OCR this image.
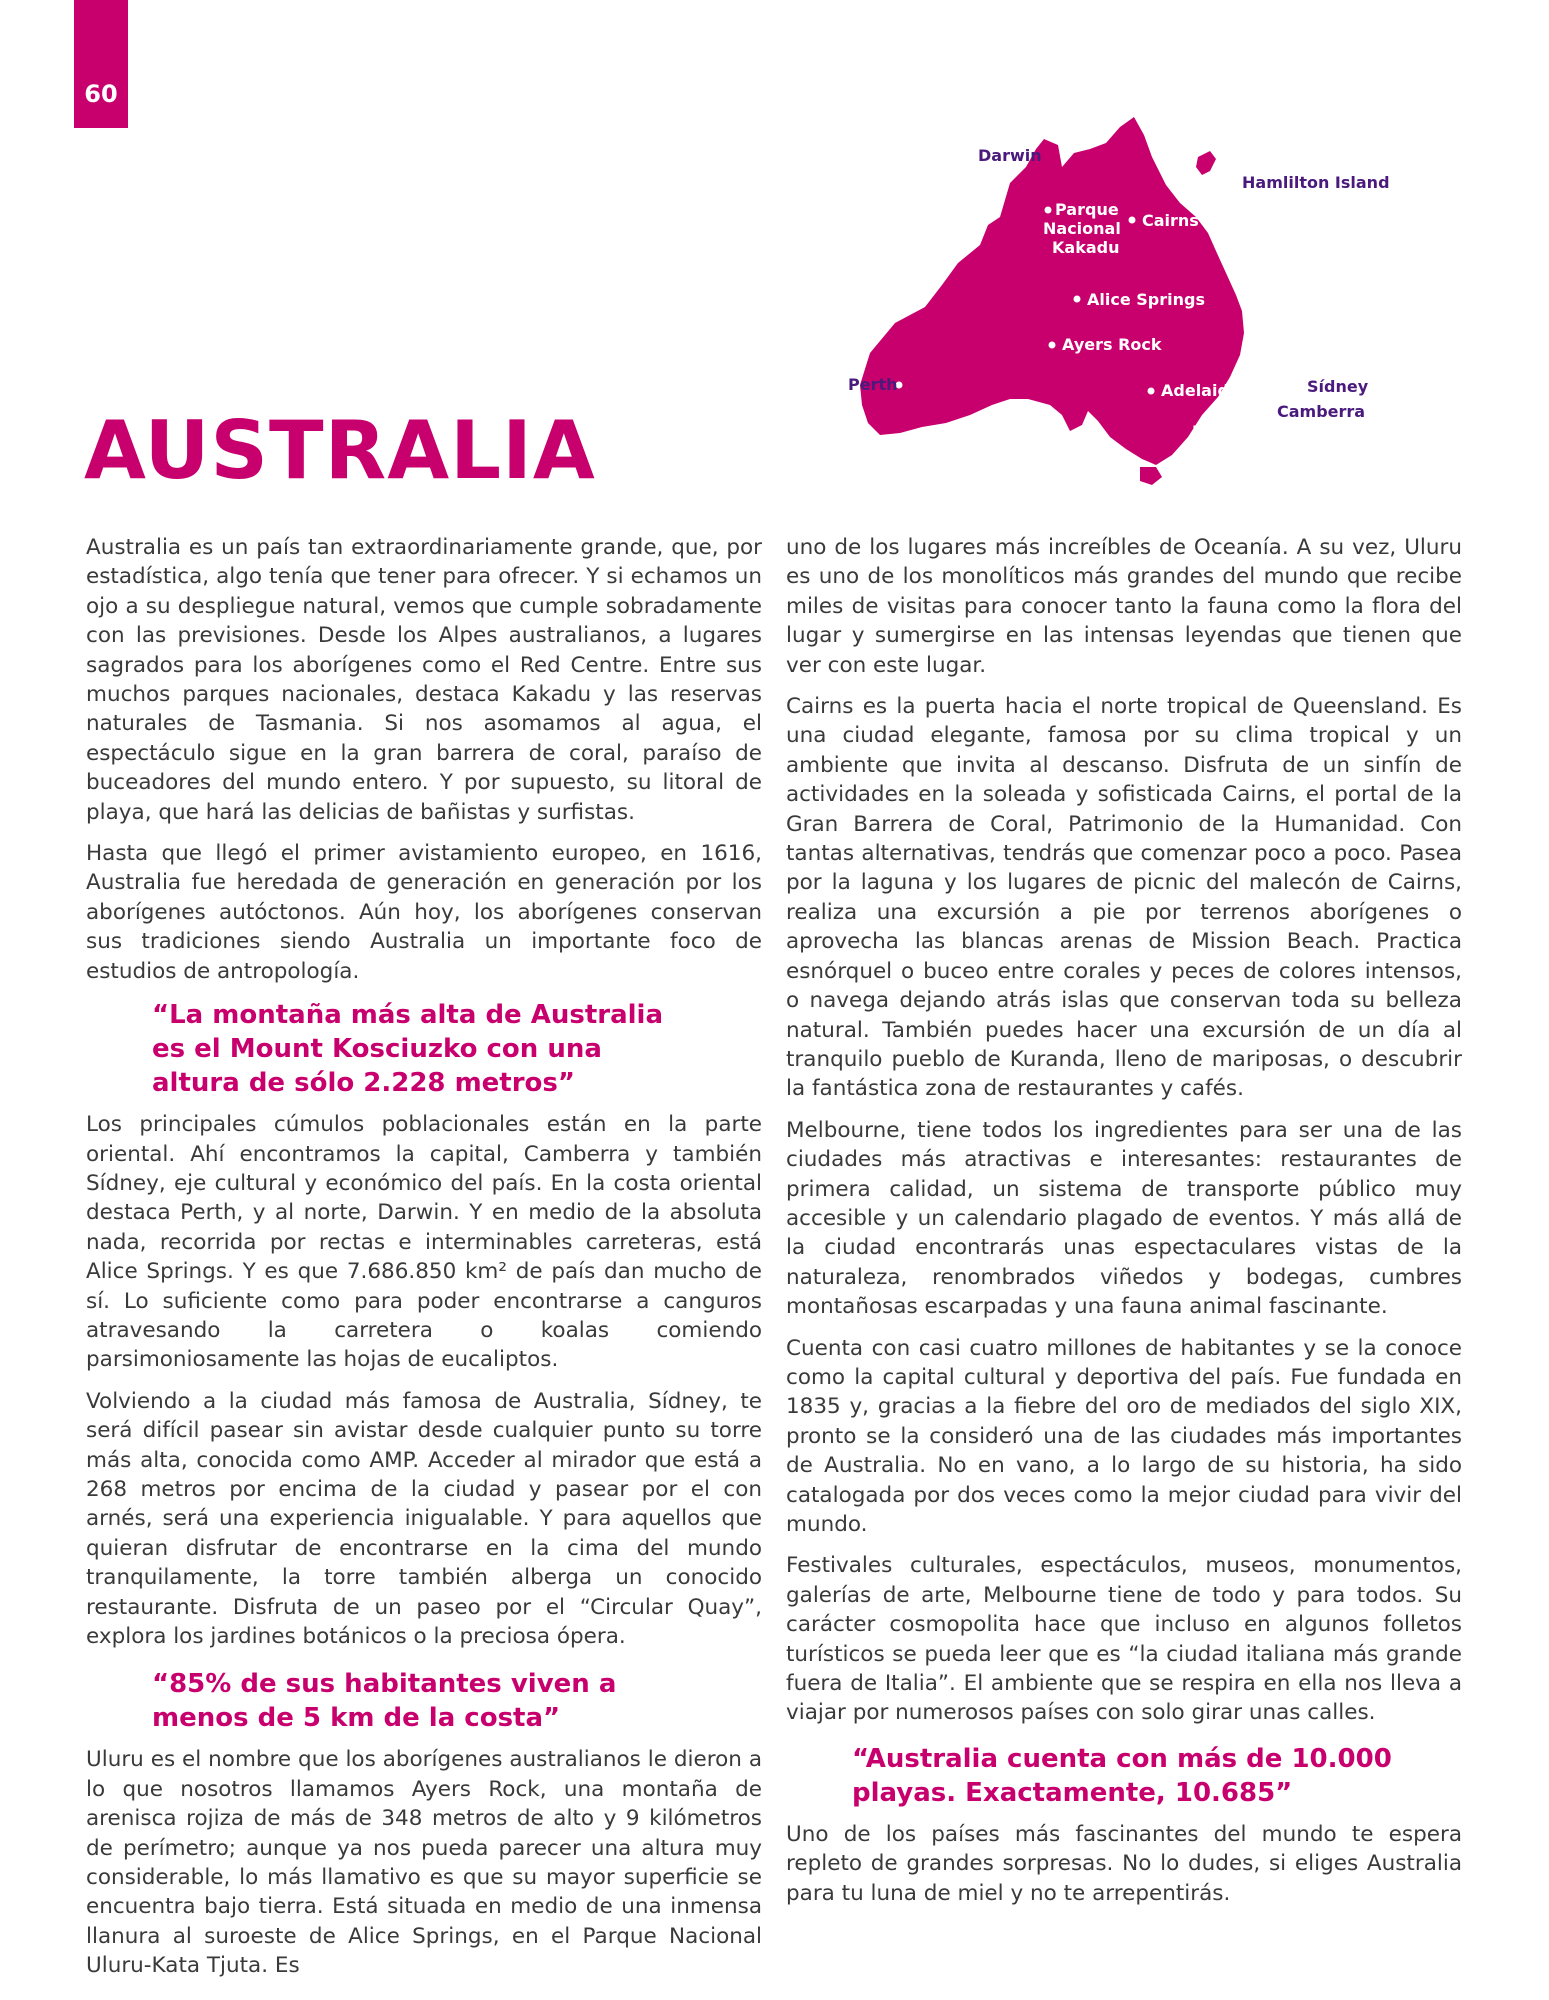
60
AUSTRALIA
Darwin
Parque
Nacional
Kakadu
Cairns
Hamlilton Island
Alice Springs
Ayers Rock
Perth	Adelaida	Sídney
Camberra
Melbourne

Australia es un país tan extraordinariamente grande, que, por estadística, algo tenía que tener para ofrecer. Y si echamos un ojo a su despliegue natural, vemos que cumple sobradamente con las previsiones. Desde los Alpes australianos, a lugares sagrados para los aborígenes como el Red Centre. Entre sus muchos parques nacionales, destaca Kakadu y las reservas naturales de Tasmania. Si nos asomamos al agua, el espectáculo sigue en la gran barrera de coral, paraíso de buceadores del mundo entero. Y por supuesto, su litoral de playa, que hará las delicias de bañistas y surfistas.

Hasta que llegó el primer avistamiento europeo, en 1616, Australia fue heredada de generación en generación por los aborígenes autóctonos. Aún hoy, los aborígenes conservan sus tradiciones siendo Australia un importante foco de estudios de antropología.

“La montaña más alta de Australia es el Mount Kosciuzko con una altura de sólo 2.228 metros”

Los principales cúmulos poblacionales están en la parte oriental. Ahí encontramos la capital, Camberra y también Sídney, eje cultural y económico del país. En la costa oriental destaca Perth, y al norte, Darwin. Y en medio de la absoluta nada, recorrida por rectas e interminables carreteras, está Alice Springs. Y es que 7.686.850 km² de país dan mucho de sí. Lo suficiente como para poder encontrarse a canguros atravesando la carretera o koalas comiendo parsimoniosamente las hojas de eucaliptos.

Volviendo a la ciudad más famosa de Australia, Sídney, te será difícil pasear sin avistar desde cualquier punto su torre más alta, conocida como AMP. Acceder al mirador que está a 268 metros por encima de la ciudad y pasear por el con arnés, será una experiencia inigualable. Y para aquellos que quieran disfrutar de encontrarse en la cima del mundo tranquilamente, la torre también alberga un conocido restaurante. Disfruta de un paseo por el “Circular Quay”, explora los jardines botánicos o la preciosa ópera.

“85% de sus habitantes viven a menos de 5 km de la costa”

Uluru es el nombre que los aborígenes australianos le dieron a lo que nosotros llamamos Ayers Rock, una montaña de arenisca rojiza de más de 348 metros de alto y 9 kilómetros de perímetro; aunque ya nos pueda parecer una altura muy considerable, lo más llamativo es que su mayor superficie se encuentra bajo tierra. Está situada en medio de una inmensa llanura al suroeste de Alice Springs, en el Parque Nacional Uluru-Kata Tjuta. Es

uno de los lugares más increíbles de Oceanía. A su vez, Uluru es uno de los monolíticos más grandes del mundo que recibe miles de visitas para conocer tanto la fauna como la flora del lugar y sumergirse en las intensas leyendas que tienen que ver con este lugar.

Cairns es la puerta hacia el norte tropical de Queensland. Es una ciudad elegante, famosa por su clima tropical y un ambiente que invita al descanso. Disfruta de un sinfín de actividades en la soleada y sofisticada Cairns, el portal de la Gran Barrera de Coral, Patrimonio de la Humanidad. Con tantas alternativas, tendrás que comenzar poco a poco. Pasea por la laguna y los lugares de picnic del malecón de Cairns, realiza una excursión a pie por terrenos aborígenes o aprovecha las blancas arenas de Mission Beach. Practica esnórquel o buceo entre corales y peces de colores intensos, o navega dejando atrás islas que conservan toda su belleza natural. También puedes hacer una excursión de un día al tranquilo pueblo de Kuranda, lleno de mariposas, o descubrir la fantástica zona de restaurantes y cafés.

Melbourne, tiene todos los ingredientes para ser una de las ciudades más atractivas e interesantes: restaurantes de primera calidad, un sistema de transporte público muy accesible y un calendario plagado de eventos. Y más allá de la ciudad encontrarás unas espectaculares vistas de la naturaleza, renombrados viñedos y bodegas, cumbres montañosas escarpadas y una fauna animal fascinante.

Cuenta con casi cuatro millones de habitantes y se la conoce como la capital cultural y deportiva del país. Fue fundada en 1835 y, gracias a la fiebre del oro de mediados del siglo XIX, pronto se la consideró una de las ciudades más importantes de Australia. No en vano, a lo largo de su historia, ha sido catalogada por dos veces como la mejor ciudad para vivir del mundo.

Festivales culturales, espectáculos, museos, monumentos, galerías de arte, Melbourne tiene de todo y para todos. Su carácter cosmopolita hace que incluso en algunos folletos turísticos se pueda leer que es “la ciudad italiana más grande fuera de Italia”. El ambiente que se respira en ella nos lleva a viajar por numerosos países con solo girar unas calles.

“Australia cuenta con más de 10.000 playas. Exactamente, 10.685”

Uno de los países más fascinantes del mundo te espera repleto de grandes sorpresas. No lo dudes, si eliges Australia para tu luna de miel y no te arrepentirás.
